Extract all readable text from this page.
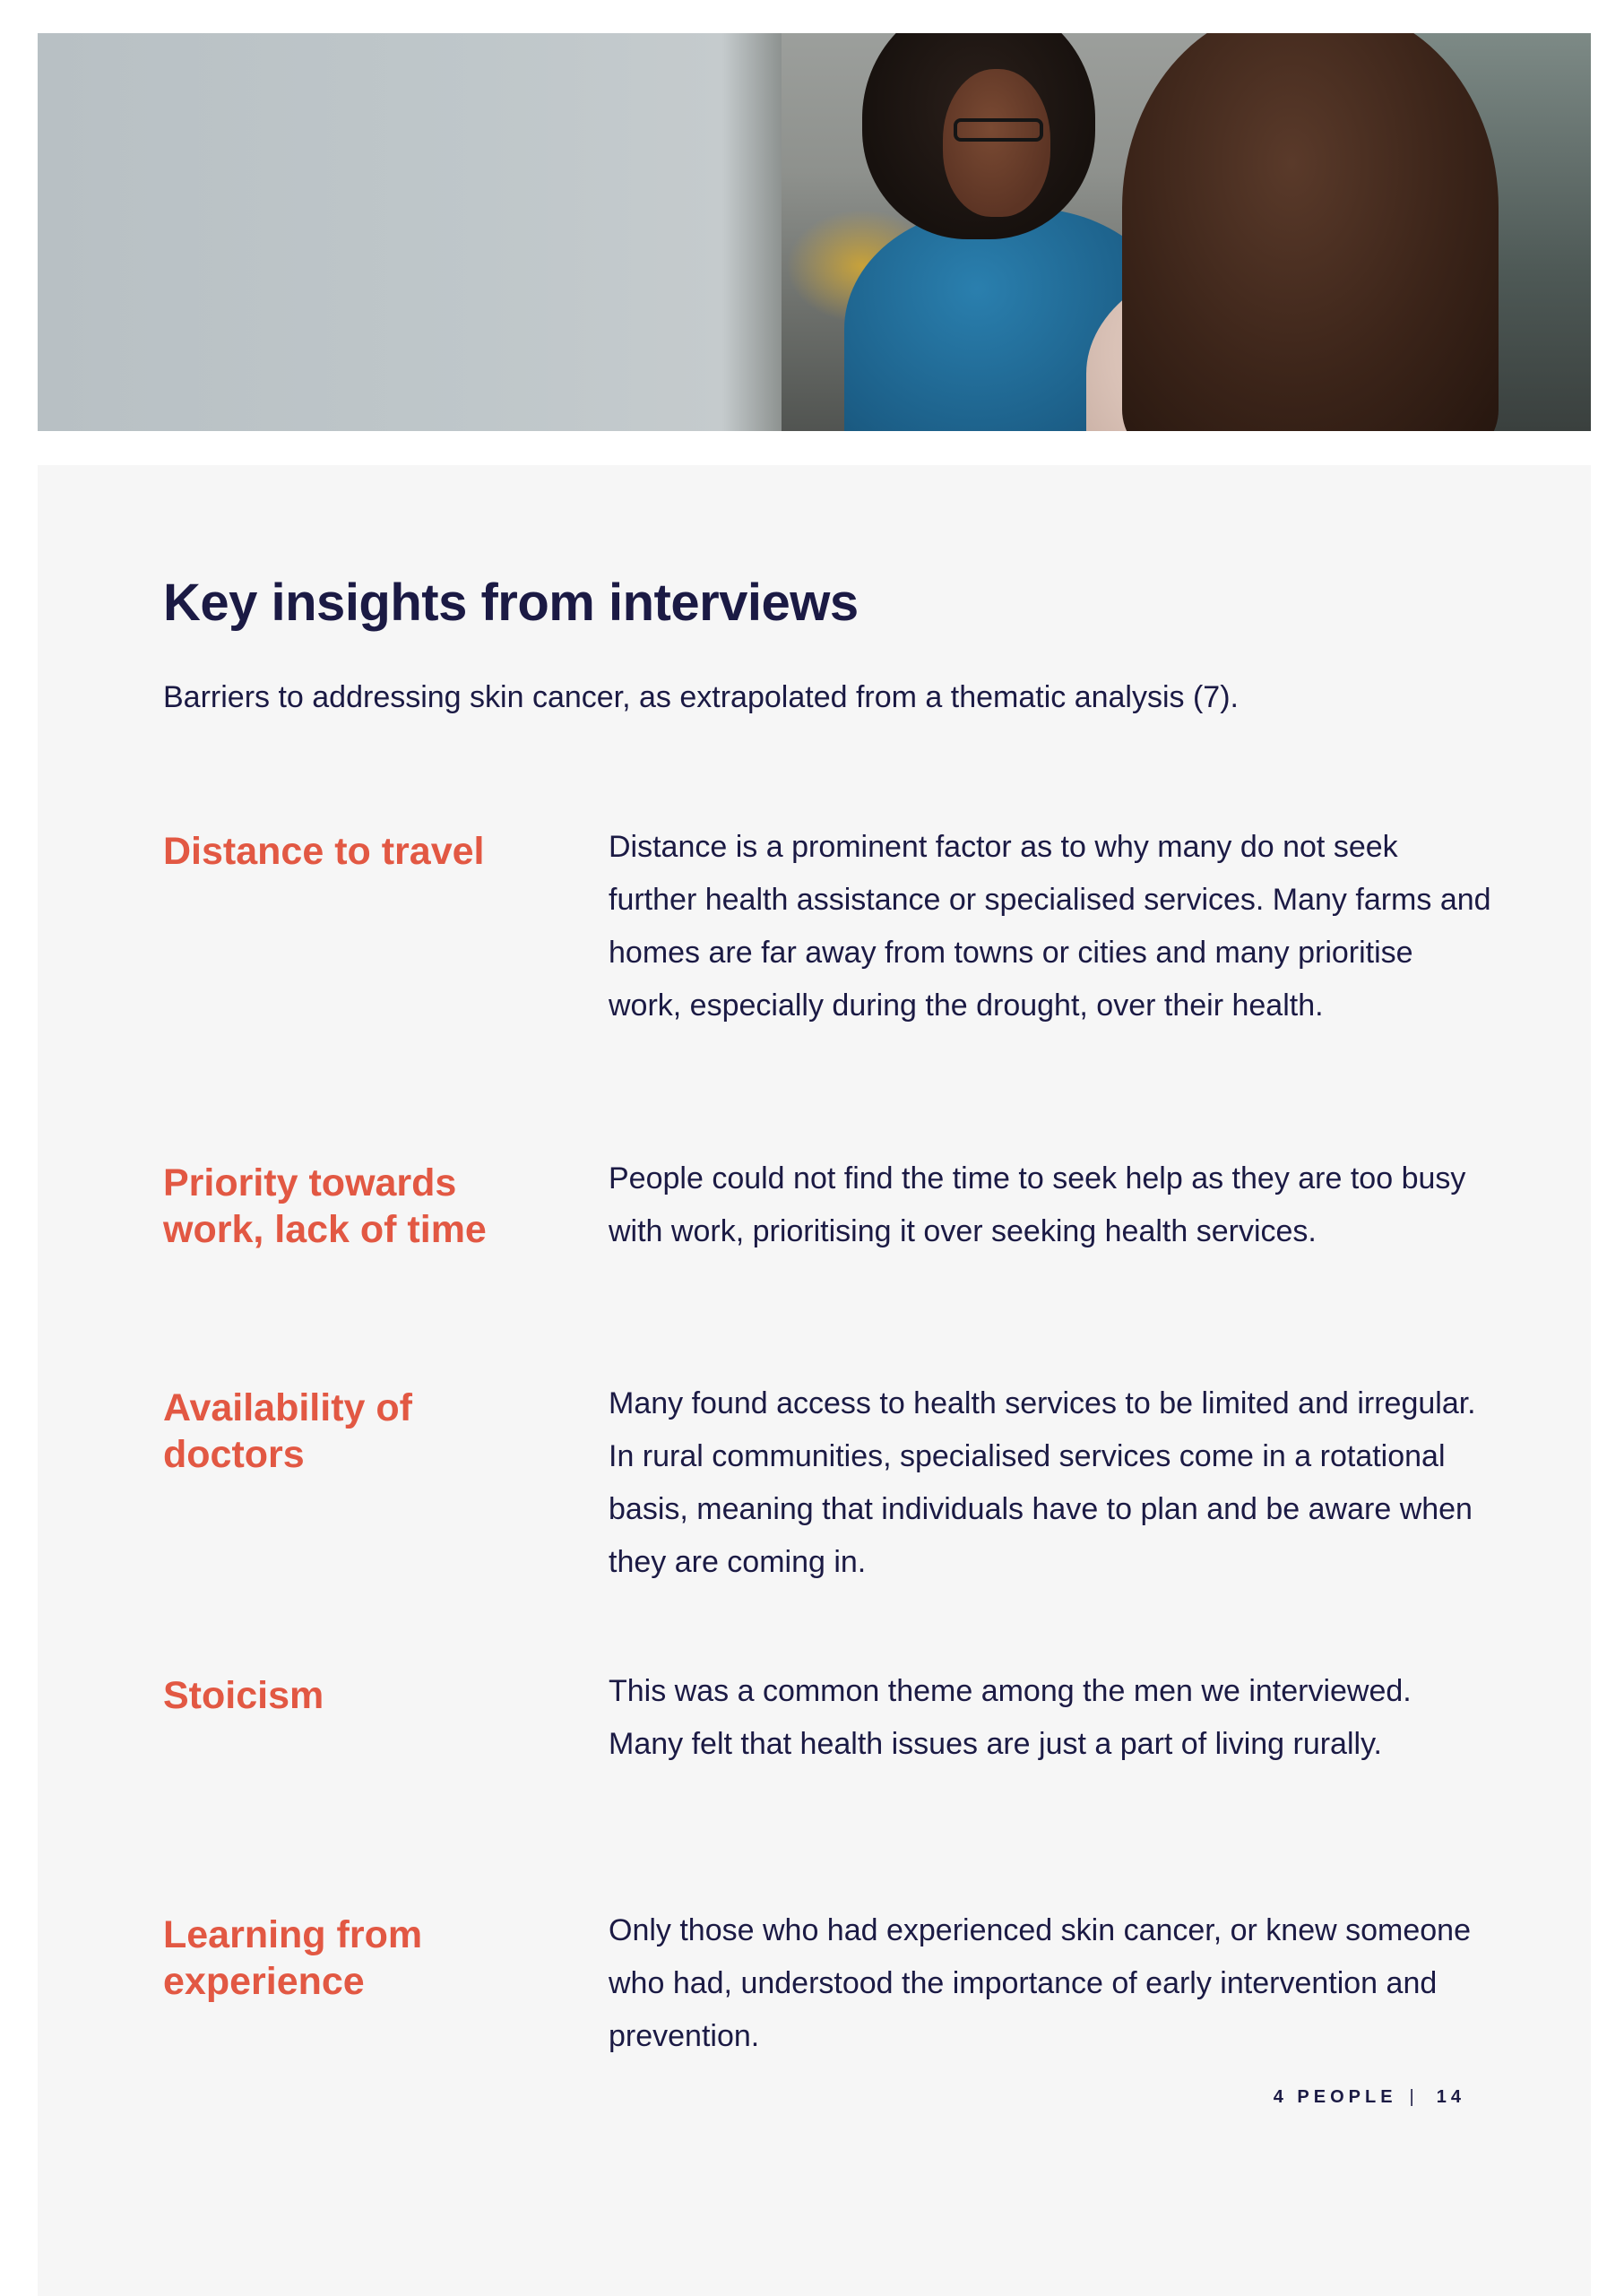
Key insights from interviews

Barriers to addressing skin cancer, as extrapolated from a thematic analysis (7).

Distance to travel	Distance is a prominent factor as to why many do not seek further health assistance or specialised services. Many farms and homes are far away from towns or cities and many prioritise work, especially during the drought, over their health.

Priority towards work, lack of time

People could not find the time to seek help as they are too busy with work, prioritising it over seeking health services.

Availability of doctors

Many found access to health services to be limited and irregular. In rural communities, specialised services come in a rotational basis, meaning that individuals have to plan and be aware when they are coming in.

Stoicism	This was a common theme among the men we interviewed. Many felt that health issues are just a part of living rurally.

Learning from experience

Only those who had experienced skin cancer, or knew someone who had, understood the importance of early intervention and prevention.

4 PEOPLE | 14
